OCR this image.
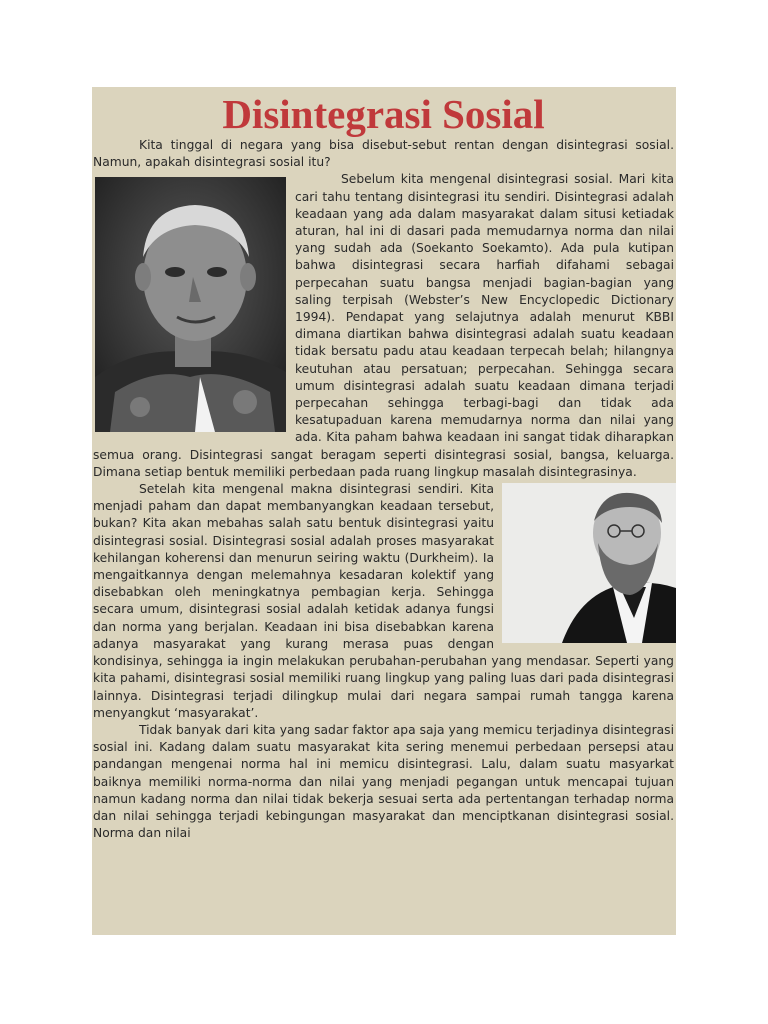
Disintegrasi Sosial

Kita tinggal di negara yang bisa disebut-sebut rentan dengan disintegrasi sosial. Namun, apakah disintegrasi sosial itu?

Sebelum kita mengenal disintegrasi sosial. Mari kita cari tahu tentang disintegrasi itu sendiri. Disintegrasi adalah keadaan yang ada dalam masyarakat dalam situsi ketiadak aturan, hal ini di dasari pada memudarnya norma dan nilai yang sudah ada (Soekanto Soekamto). Ada pula kutipan bahwa disintegrasi secara harfiah difahami sebagai perpecahan suatu bangsa menjadi bagian-bagian yang saling terpisah (Webster’s New Encyclopedic Dictionary 1994). Pendapat yang selajutnya adalah menurut KBBI dimana diartikan bahwa disintegrasi adalah suatu keadaan tidak bersatu padu atau keadaan terpecah belah; hilangnya keutuhan atau persatuan; perpecahan. Sehingga secara umum disintegrasi adalah suatu keadaan dimana terjadi perpecahan sehingga terbagi-bagi dan tidak ada kesatupaduan karena memudarnya norma dan nilai yang ada. Kita paham bahwa keadaan ini sangat tidak diharapkan semua orang. Disintegrasi sangat beragam seperti disintegrasi sosial, bangsa, keluarga. Dimana setiap bentuk memiliki perbedaan pada ruang lingkup masalah disintegrasinya.

Setelah kita mengenal makna disintegrasi sendiri. Kita menjadi paham dan dapat membanyangkan keadaan tersebut, bukan? Kita akan mebahas salah satu bentuk disintegrasi yaitu disintegrasi sosial. Disintegrasi sosial adalah proses masyarakat kehilangan koherensi dan menurun seiring waktu (Durkheim). Ia mengaitkannya dengan melemahnya kesadaran kolektif yang disebabkan oleh meningkatnya pembagian kerja. Sehingga secara umum, disintegrasi sosial adalah ketidak adanya fungsi dan norma yang berjalan. Keadaan ini bisa disebabkan karena adanya masyarakat yang kurang merasa puas dengan kondisinya, sehingga ia ingin melakukan perubahan-perubahan yang mendasar. Seperti yang kita pahami, disintegrasi sosial memiliki ruang lingkup yang paling luas dari pada disintegrasi lainnya. Disintegrasi terjadi dilingkup mulai dari negara sampai rumah tangga karena menyangkut ‘masyarakat’.

Tidak banyak dari kita yang sadar faktor apa saja yang memicu terjadinya disintegrasi sosial ini. Kadang dalam suatu masyarakat kita sering menemui perbedaan persepsi atau pandangan mengenai norma hal ini memicu disintegrasi. Lalu, dalam suatu masyarkat baiknya memiliki norma-norma dan nilai yang menjadi pegangan untuk mencapai tujuan namun kadang norma dan nilai tidak bekerja sesuai serta ada pertentangan terhadap norma dan nilai sehingga terjadi kebingungan masyarakat dan menciptkanan disintegrasi sosial. Norma dan nilai
